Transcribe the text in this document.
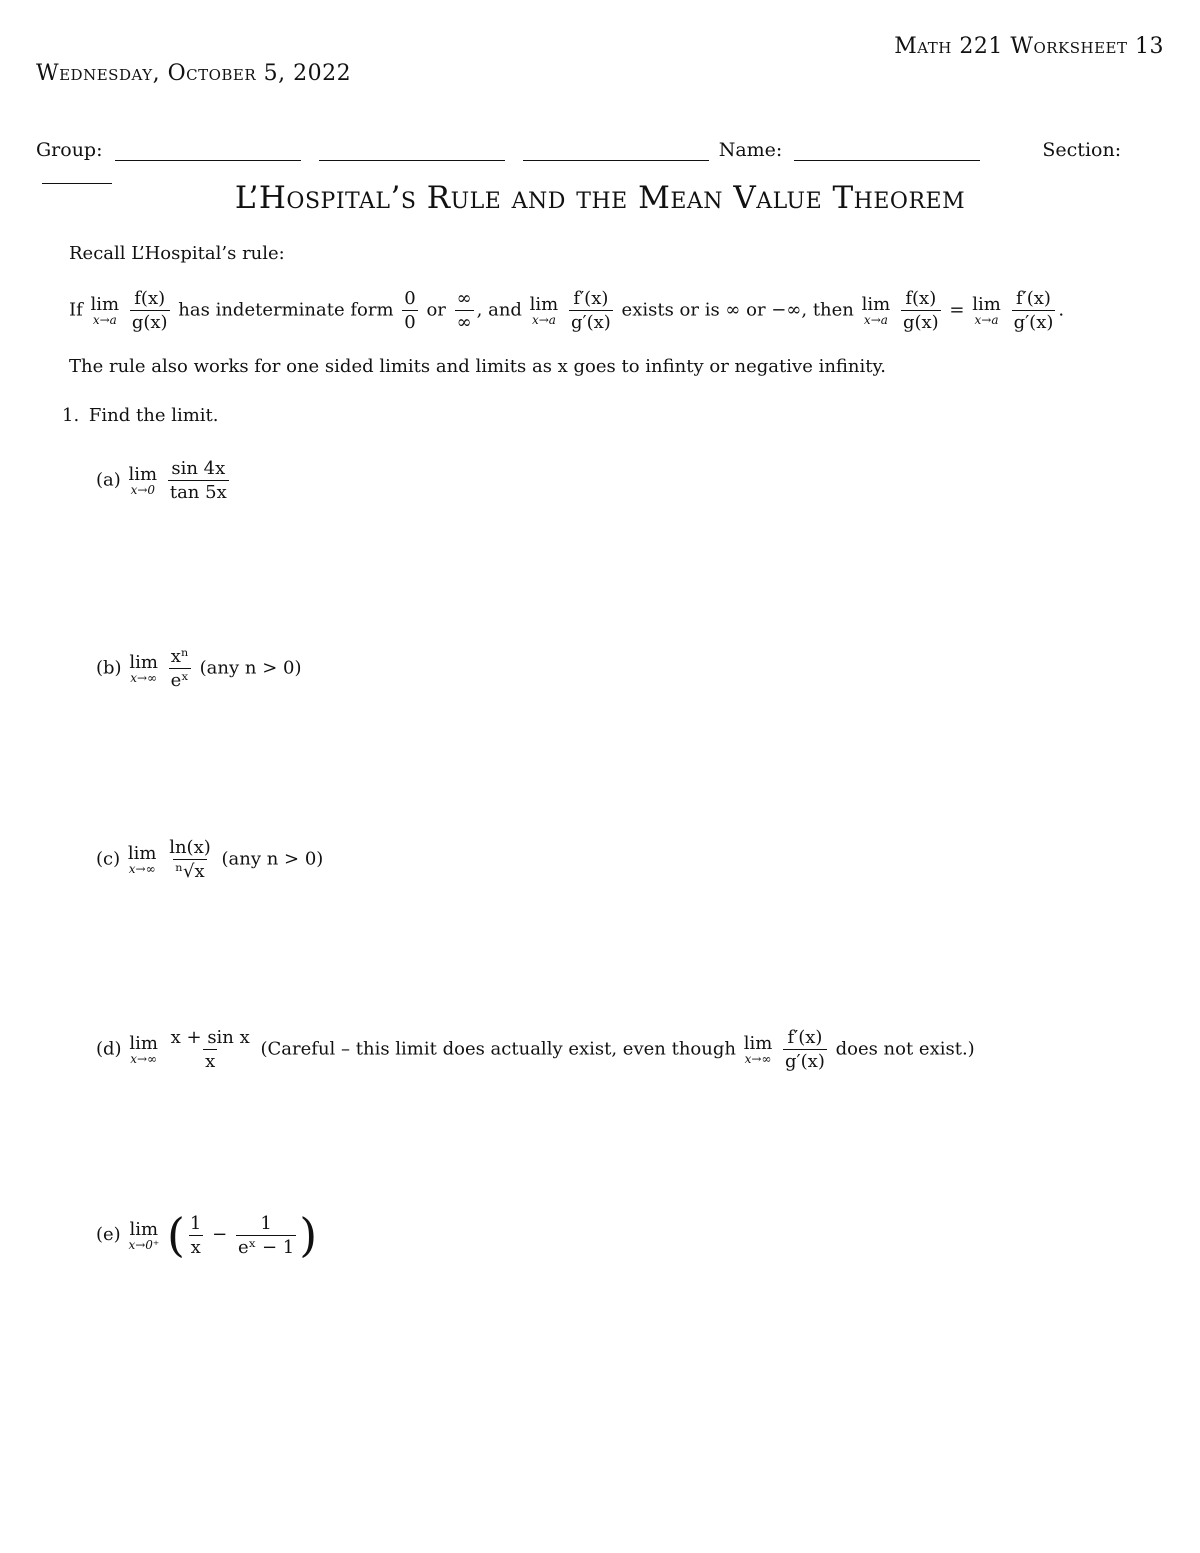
Math 221 Worksheet 13
Wednesday, October 5, 2022
Group:	Name:	Section:
L’Hospital’s Rule and the Mean Value Theorem
Recall L’Hospital’s rule:
If lim
x→a
$\frac{f(x)}{g(x)}$ has indeterminate form $\frac{0}{0}$ or $\frac{\infty}{\infty}$ , and lim
x→a
$\frac{f'(x)}{g'(x)}$ exists or is ∞ or −∞, then lim
x→a
$\frac{f(x)}{g(x)} = \lim$
x→a
$\frac{f'(x)}{g'(x)}$ .
The rule also works for one sided limits and limits as x goes to infinty or negative infinity.
1. Find the limit.
(a) lim
x→0
$\frac{\sin 4x}{\tan 5x}$
(b) lim
x→∞
$\frac{\text{xⁿ}}{\text{eˣ}} (any$ n > 0)
(c) lim
x→∞
$\frac{\ln(x)}{\text{ⁿ√x}} (any$ n > 0)
(d) lim
x→∞
$\frac{\text{x + sin x}}{x}$ (Careful – this limit does actually exist, even though lim
x→∞
$\frac{f'(x)}{g'(x)}$ does not exist.)
(e) lim
x→0⁺ ( $\frac{1}{x} - \frac{1}{\text{eˣ − 1}}$ )
